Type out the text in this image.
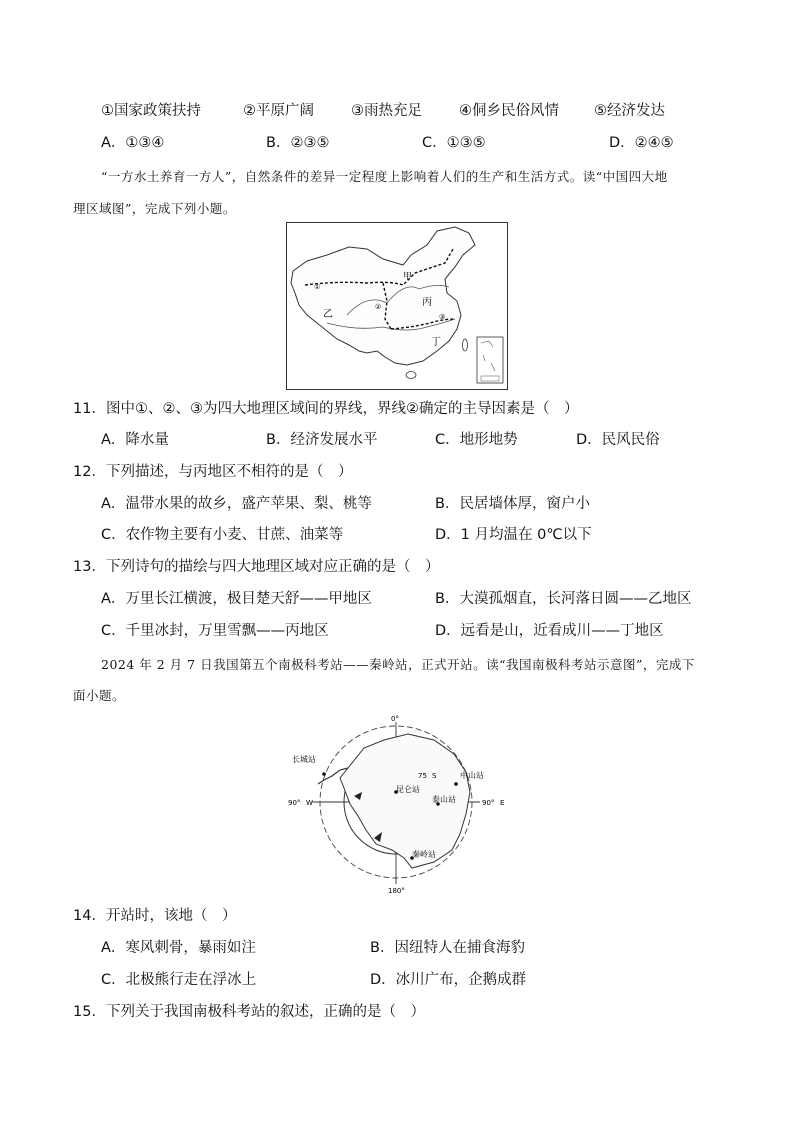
①国家政策扶持	②平原广阔	③雨热充足	④侗乡民俗风情 ⑤经济发达
A．①③④	B．②③⑤	C．①③⑤	D．②④⑤
“一方水土养育一方人”，自然条件的差异一定程度上影响着人们的生产和生活方式。读“中国四大地
理区域图”，完成下列小题。
甲
乙
丙
丁
①
②
③
11．图中①、②、③为四大地理区域间的界线，界线②确定的主导因素是（　）
A．降水量	B．经济发展水平	C．地形地势	D．民风民俗
12．下列描述，与丙地区不相符的是（　）
A．温带水果的故乡，盛产苹果、梨、桃等	B．民居墙体厚，窗户小
C．农作物主要有小麦、甘蔗、油菜等	D．1 月均温在 0℃以下
13．下列诗句的描绘与四大地理区域对应正确的是（　）
A．万里长江横渡，极目楚天舒——甲地区	B．大漠孤烟直，长河落日圆——乙地区
C．千里冰封，万里雪飘——丙地区	D．远看是山，近看成川——丁地区
2024 年 2 月 7 日我国第五个南极科考站——秦岭站，正式开站。读“我国南极科考站示意图”，完成下
面小题。
0°
180°
90° W	90° E
75 S
长城站
中山站
昆仑站
泰山站
秦岭站
14．开站时，该地（　）
A．寒风刺骨，暴雨如注	B．因纽特人在捕食海豹
C．北极熊行走在浮冰上	D．冰川广布，企鹅成群
15．下列关于我国南极科考站的叙述，正确的是（　）
